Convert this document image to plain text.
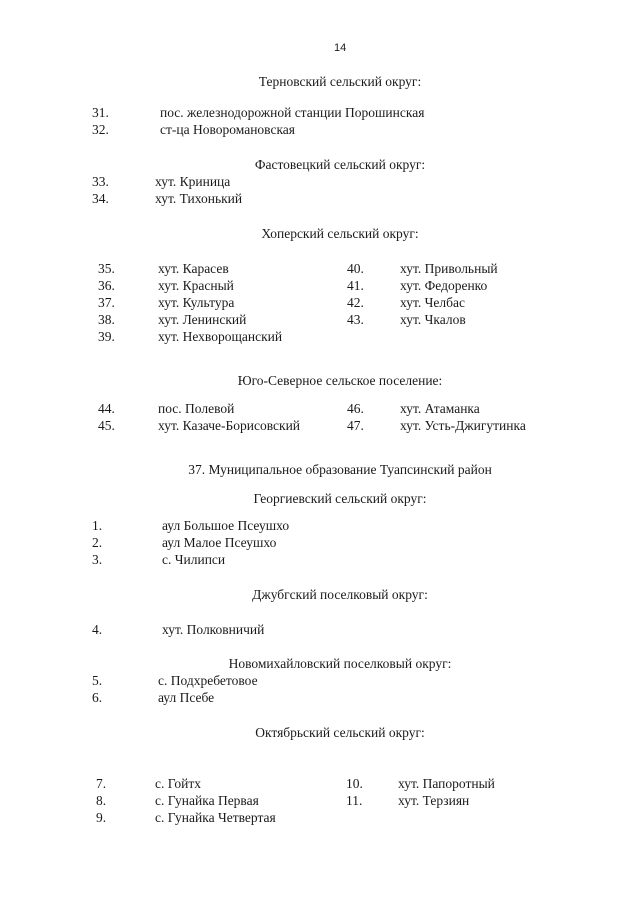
14
Терновский сельский округ:
31.	пос. железнодорожной станции Порошинская
32.	ст-ца Новоромановская
Фастовецкий сельский округ:
33.	хут. Криница
34.	хут. Тихонький
Хоперский сельский округ:
35.	хут. Карасев
36.	хут. Красный
37.	хут. Культура
38.	хут. Ленинский
39.	хут. Нехворощанский
40.	хут. Привольный
41.	хут. Федоренко
42.	хут. Челбас
43.	хут. Чкалов
Юго-Северное сельское поселение:
44.	пос. Полевой
45.	хут. Казаче-Борисовский
46.	хут. Атаманка
47.	хут. Усть-Джигутинка
37. Муниципальное образование Туапсинский район
Георгиевский сельский округ:
1.	аул Большое Псеушхо
2.	аул Малое Псеушхо
3.	с. Чилипси
Джубгский поселковый округ:
4.	хут. Полковничий
Новомихайловский поселковый округ:
5.	с. Подхребетовое
6.	аул Псебе
Октябрьский сельский округ:
7.	с. Гойтх
8.	с. Гунайка Первая
9.	с. Гунайка Четвертая
10.	хут. Папоротный
11.	хут. Терзиян
